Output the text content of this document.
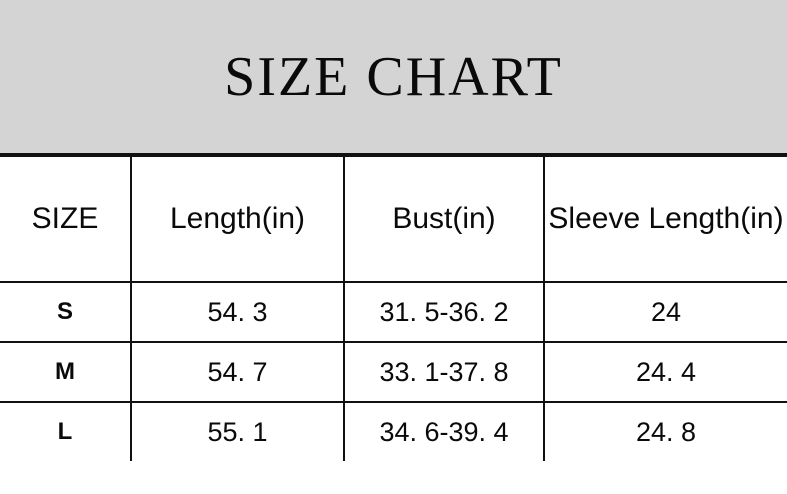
SIZE CHART
SIZE	Length(in)	Bust(in)	Sleeve Length(in)
S	54. 3	31. 5-36. 2	24
M	54. 7	33. 1-37. 8	24. 4
L	55. 1	34. 6-39. 4	24. 8
